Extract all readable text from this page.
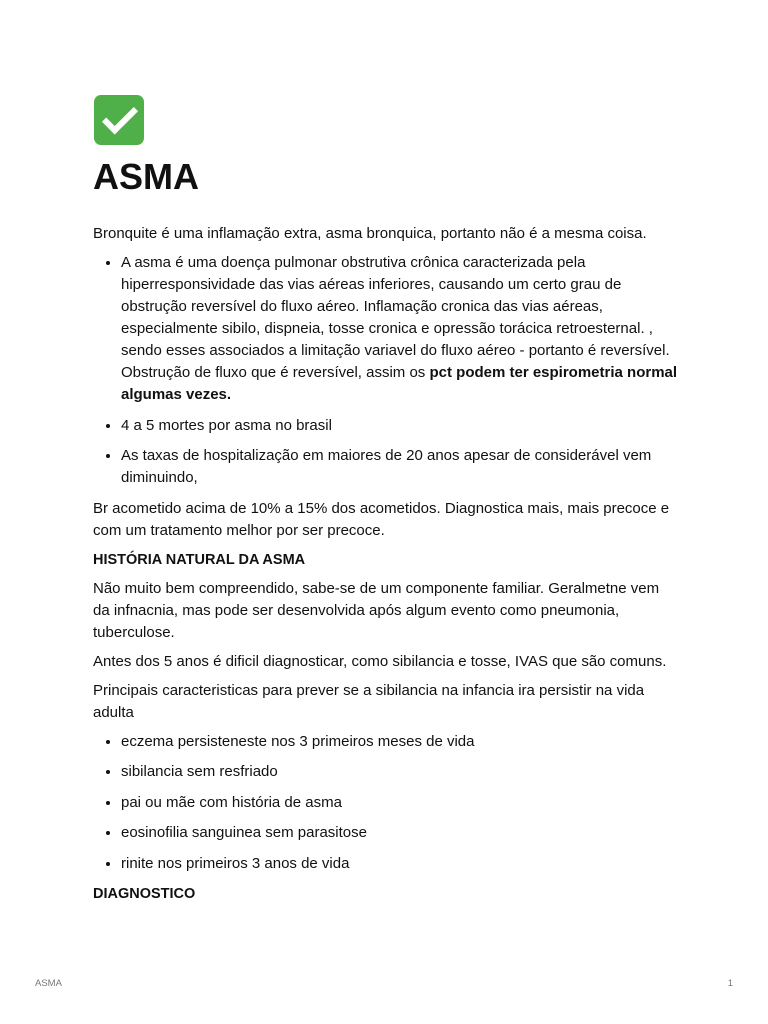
ASMA

Bronquite é uma inflamação extra, asma bronquica, portanto não é a mesma coisa.

• A asma é uma doença pulmonar obstrutiva crônica caracterizada pela hiperresponsividade das vias aéreas inferiores, causando um certo grau de obstrução reversível do fluxo aéreo. Inflamação cronica das vias aéreas, especialmente sibilo, dispneia, tosse cronica e opressão torácica retroesternal. , sendo esses associados a limitação variavel do fluxo aéreo - portanto é reversível. Obstrução de fluxo que é reversível, assim os pct podem ter espirometria normal algumas vezes.
• 4 a 5 mortes por asma no brasil
• As taxas de hospitalização em maiores de 20 anos apesar de considerável vem diminuindo,

Br acometido acima de 10% a 15% dos acometidos. Diagnostica mais, mais precoce e com um tratamento melhor por ser precoce.

HISTÓRIA NATURAL DA ASMA

Não muito bem compreendido, sabe-se de um componente familiar. Geralmetne vem da infnacnia, mas pode ser desenvolvida após algum evento como pneumonia, tuberculose.

Antes dos 5 anos é dificil diagnosticar, como sibilancia e tosse, IVAS que são comuns.

Principais caracteristicas para prever se a sibilancia na infancia ira persistir na vida adulta

• eczema persisteneste nos 3 primeiros meses de vida
• sibilancia sem resfriado
• pai ou mãe com história de asma
• eosinofilia sanguinea sem parasitose
• rinite nos primeiros 3 anos de vida
DIAGNOSTICO
ASMA	1
